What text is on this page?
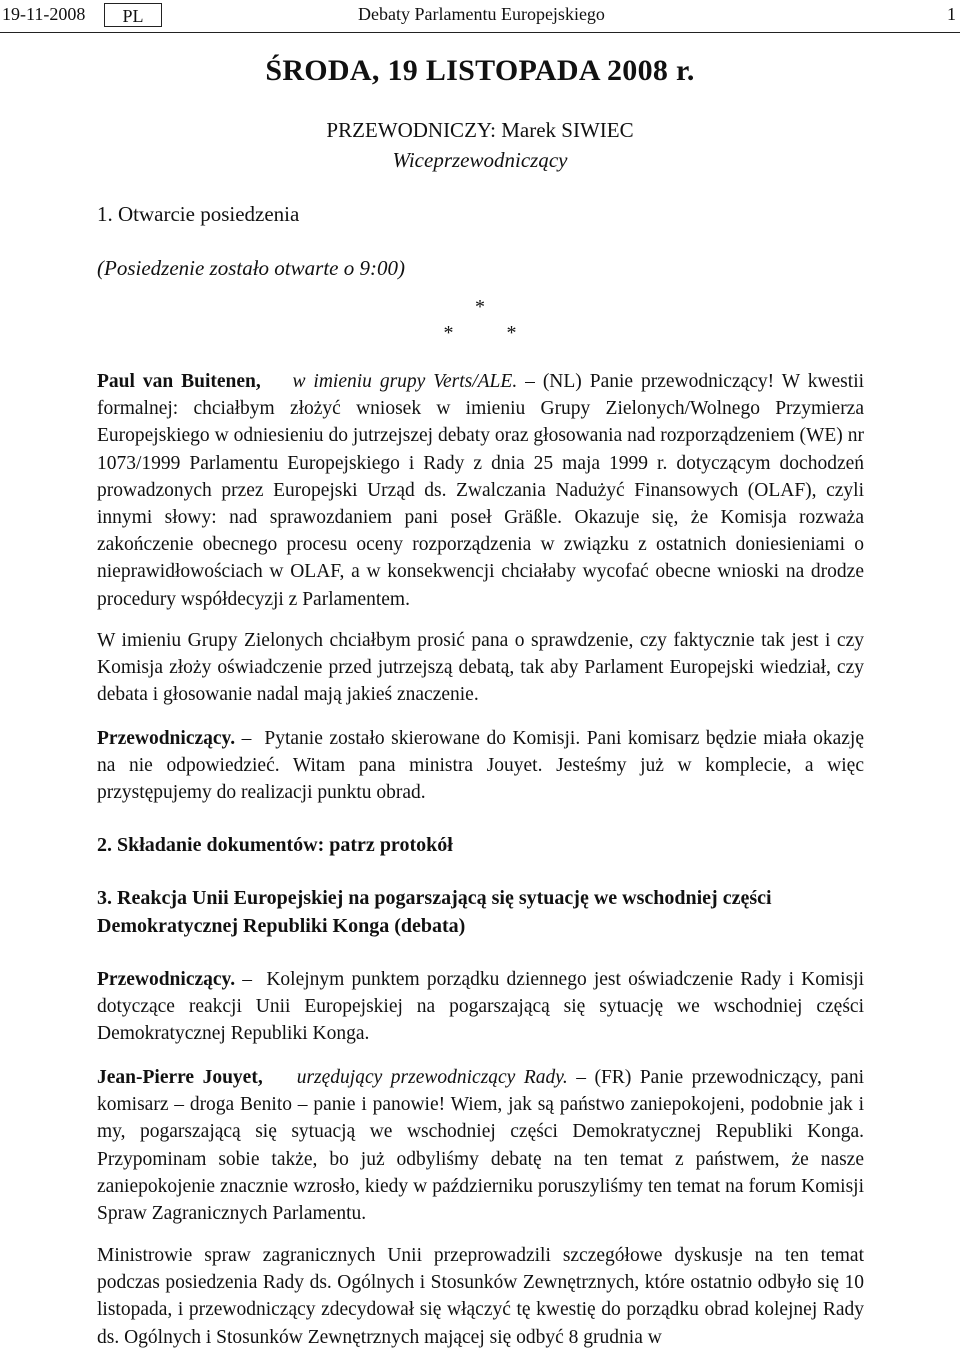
19-11-2008	PL	Debaty Parlamentu Europejskiego	1
ŚRODA, 19 LISTOPADA 2008 r.
PRZEWODNICZY: Marek SIWIEC
Wiceprzewodniczący
1. Otwarcie posiedzenia
(Posiedzenie zostało otwarte o 9:00)
*
* *

Paul van Buitenen, w imieniu grupy Verts/ALE. – (NL) Panie przewodniczący! W kwestii formalnej: chciałbym złożyć wniosek w imieniu Grupy Zielonych/Wolnego Przymierza Europejskiego w odniesieniu do jutrzejszej debaty oraz głosowania nad rozporządzeniem (WE) nr 1073/1999 Parlamentu Europejskiego i Rady z dnia 25 maja 1999 r. dotyczącym dochodzeń prowadzonych przez Europejski Urząd ds. Zwalczania Nadużyć Finansowych (OLAF), czyli innymi słowy: nad sprawozdaniem pani poseł Gräßle. Okazuje się, że Komisja rozważa zakończenie obecnego procesu oceny rozporządzenia w związku z ostatnich doniesieniami o nieprawidłowościach w OLAF, a w konsekwencji chciałaby wycofać obecne wnioski na drodze procedury współdecyzji z Parlamentem.

W imieniu Grupy Zielonych chciałbym prosić pana o sprawdzenie, czy faktycznie tak jest i czy Komisja złoży oświadczenie przed jutrzejszą debatą, tak aby Parlament Europejski wiedział, czy debata i głosowanie nadal mają jakieś znaczenie.

Przewodniczący. – Pytanie zostało skierowane do Komisji. Pani komisarz będzie miała okazję na nie odpowiedzieć. Witam pana ministra Jouyet. Jesteśmy już w komplecie, a więc przystępujemy do realizacji punktu obrad.

2. Składanie dokumentów: patrz protokół
3. Reakcja Unii Europejskiej na pogarszającą się sytuację we wschodniej części Demokratycznej Republiki Konga (debata)

Przewodniczący. – Kolejnym punktem porządku dziennego jest oświadczenie Rady i Komisji dotyczące reakcji Unii Europejskiej na pogarszającą się sytuację we wschodniej części Demokratycznej Republiki Konga.

Jean-Pierre Jouyet, urzędujący przewodniczący Rady. – (FR) Panie przewodniczący, pani komisarz – droga Benito – panie i panowie! Wiem, jak są państwo zaniepokojeni, podobnie jak i my, pogarszającą się sytuacją we wschodniej części Demokratycznej Republiki Konga. Przypominam sobie także, bo już odbyliśmy debatę na ten temat z państwem, że nasze zaniepokojenie znacznie wzrosło, kiedy w październiku poruszyliśmy ten temat na forum Komisji Spraw Zagranicznych Parlamentu.

Ministrowie spraw zagranicznych Unii przeprowadzili szczegółowe dyskusje na ten temat podczas posiedzenia Rady ds. Ogólnych i Stosunków Zewnętrznych, które ostatnio odbyło się 10 listopada, i przewodniczący zdecydował się włączyć tę kwestię do porządku obrad kolejnej Rady ds. Ogólnych i Stosunków Zewnętrznych mającej się odbyć 8 grudnia w
